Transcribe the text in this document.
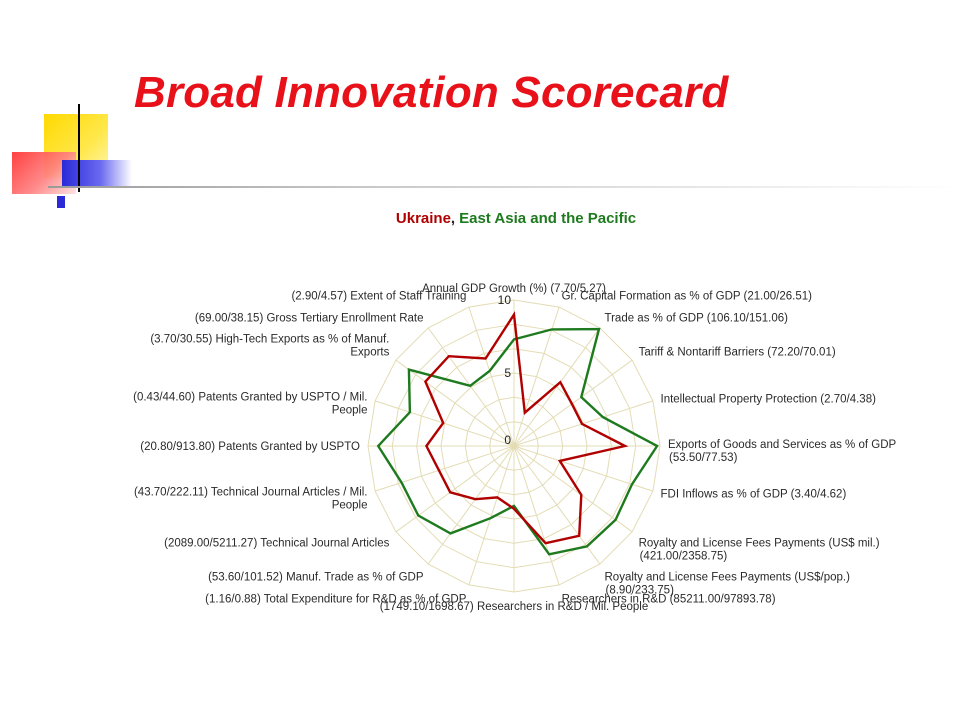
Broad Innovation Scorecard
Ukraine, East Asia and the Pacific
0
5
10
Annual GDP Growth (%) (7.70/5.27)
Gr. Capital Formation as % of GDP (21.00/26.51)
Trade as % of GDP (106.10/151.06)
Tariff & Nontariff Barriers (72.20/70.01)
Intellectual Property Protection (2.70/4.38)
Exports of Goods and Services as % of GDP
(53.50/77.53)
FDI Inflows as % of GDP (3.40/4.62)
Royalty and License Fees Payments (US$ mil.)
(421.00/2358.75)
Royalty and License Fees Payments (US$/pop.)
(8.90/233.75)
Researchers in R&D (85211.00/97893.78)
(1749.10/1698.67) Researchers in R&D / Mil. People
(1.16/0.88) Total Expenditure for R&D as % of GDP
(53.60/101.52) Manuf. Trade as % of GDP
(2089.00/5211.27) Technical Journal Articles
(43.70/222.11) Technical Journal Articles / Mil.
People
(20.80/913.80) Patents Granted by USPTO
(0.43/44.60) Patents Granted by USPTO / Mil.
People
(3.70/30.55) High-Tech Exports as % of Manuf.
Exports
(69.00/38.15) Gross Tertiary Enrollment Rate
(2.90/4.57) Extent of Staff Training
